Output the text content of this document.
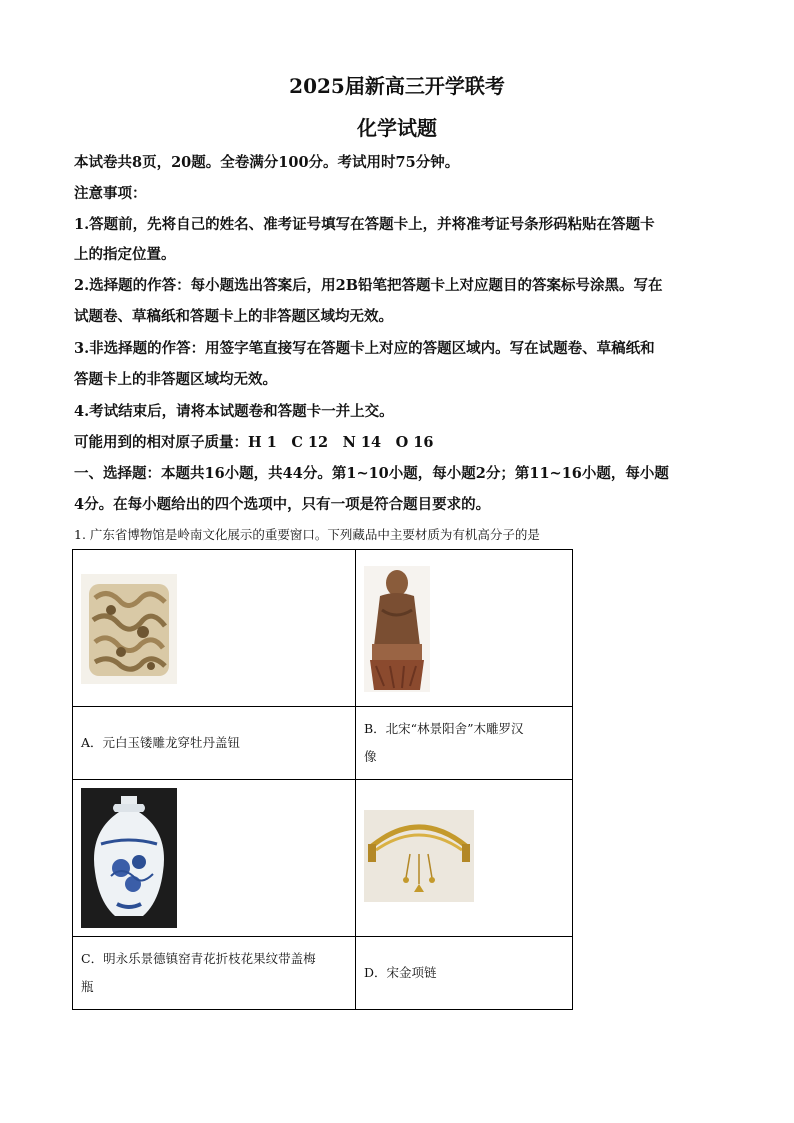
2025届新高三开学联考
化学试题
本试卷共8页，20题。全卷满分100分。考试用时75分钟。
注意事项：
1.答题前，先将自己的姓名、准考证号填写在答题卡上，并将准考证号条形码粘贴在答题卡
上的指定位置。
2.选择题的作答：每小题选出答案后，用2B铅笔把答题卡上对应题目的答案标号涂黑。写在
试题卷、草稿纸和答题卡上的非答题区域均无效。
3.非选择题的作答：用签字笔直接写在答题卡上对应的答题区域内。写在试题卷、草稿纸和
答题卡上的非答题区域均无效。
4.考试结束后，请将本试题卷和答题卡一并上交。
可能用到的相对原子质量：H 1　C 12　N 14　O 16
一、选择题：本题共16小题，共44分。第1~10小题，每小题2分；第11~16小题，每小题
4分。在每小题给出的四个选项中，只有一项是符合题目要求的。
1. 广东省博物馆是岭南文化展示的重要窗口。下列藏品中主要材质为有机高分子的是

A．元白玉镂雕龙穿牡丹盖钮	B．北宋“林景阳舍”木雕罗汉
像

C．明永乐景德镇窑青花折枝花果纹带盖梅
瓶	D．宋金项链
